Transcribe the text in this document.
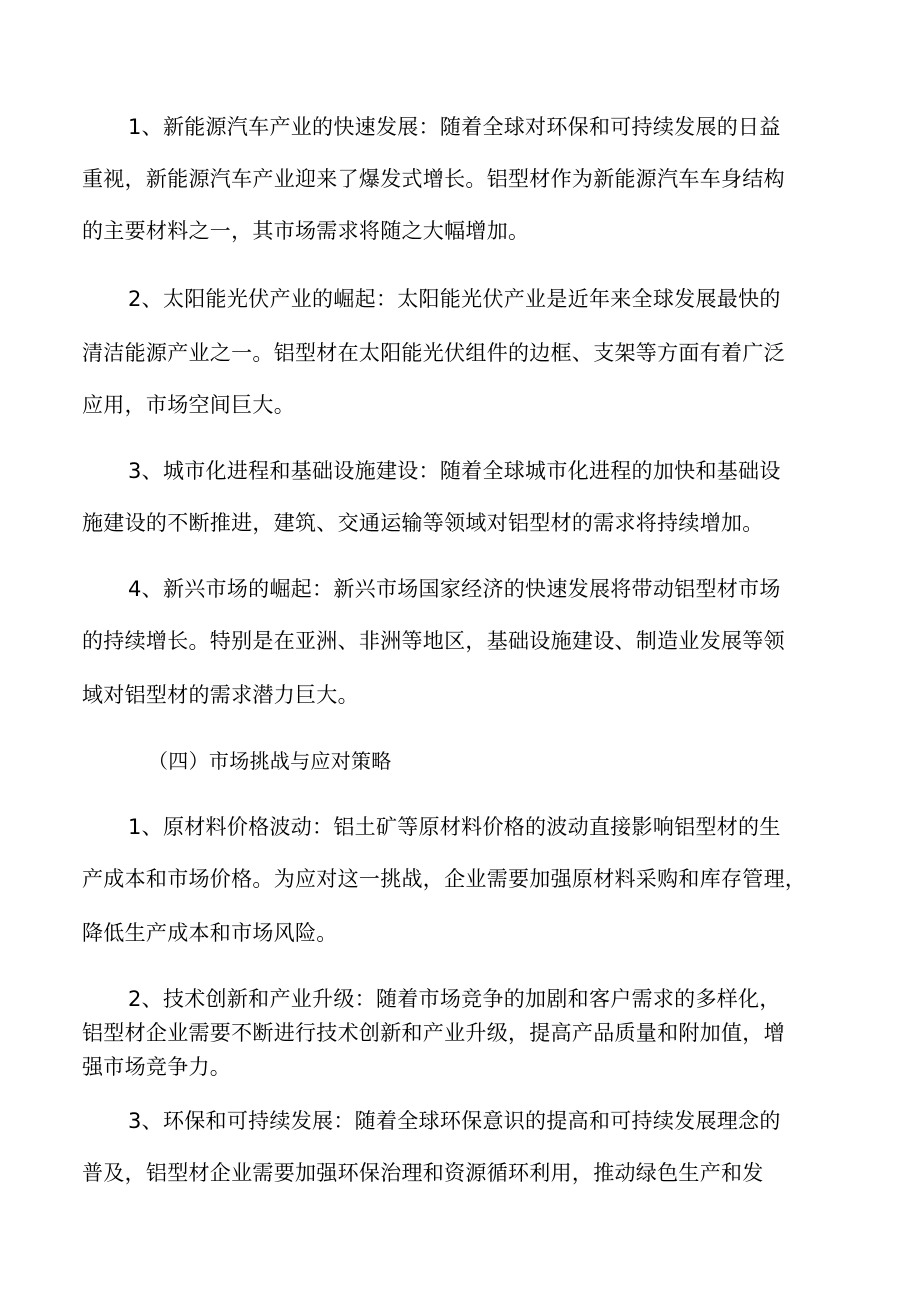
1、新能源汽车产业的快速发展：随着全球对环保和可持续发展的日益
重视，新能源汽车产业迎来了爆发式增长。铝型材作为新能源汽车车身结构
的主要材料之一，其市场需求将随之大幅增加。
2、太阳能光伏产业的崛起：太阳能光伏产业是近年来全球发展最快的
清洁能源产业之一。铝型材在太阳能光伏组件的边框、支架等方面有着广泛
应用，市场空间巨大。
3、城市化进程和基础设施建设：随着全球城市化进程的加快和基础设
施建设的不断推进，建筑、交通运输等领域对铝型材的需求将持续增加。
4、新兴市场的崛起：新兴市场国家经济的快速发展将带动铝型材市场
的持续增长。特别是在亚洲、非洲等地区，基础设施建设、制造业发展等领
域对铝型材的需求潜力巨大。
（四）市场挑战与应对策略
1、原材料价格波动：铝土矿等原材料价格的波动直接影响铝型材的生
产成本和市场价格。为应对这一挑战，企业需要加强原材料采购和库存管理，
降低生产成本和市场风险。
2、技术创新和产业升级：随着市场竞争的加剧和客户需求的多样化，
铝型材企业需要不断进行技术创新和产业升级，提高产品质量和附加值，增
强市场竞争力。
3、环保和可持续发展：随着全球环保意识的提高和可持续发展理念的
普及，铝型材企业需要加强环保治理和资源循环利用，推动绿色生产和发
